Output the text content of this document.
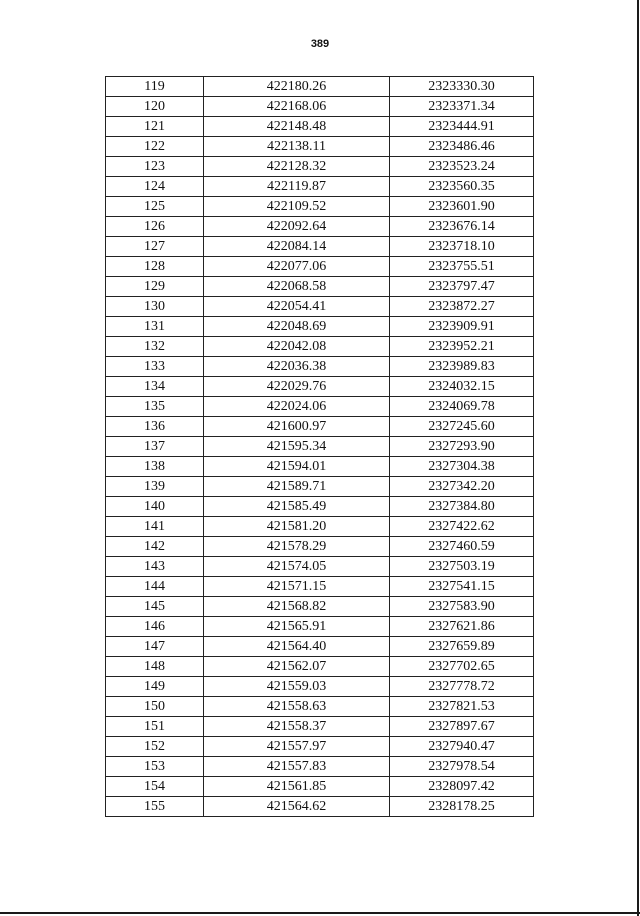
389
119	422180.26	2323330.30
120	422168.06	2323371.34
121	422148.48	2323444.91
122	422138.11	2323486.46
123	422128.32	2323523.24
124	422119.87	2323560.35
125	422109.52	2323601.90
126	422092.64	2323676.14
127	422084.14	2323718.10
128	422077.06	2323755.51
129	422068.58	2323797.47
130	422054.41	2323872.27
131	422048.69	2323909.91
132	422042.08	2323952.21
133	422036.38	2323989.83
134	422029.76	2324032.15
135	422024.06	2324069.78
136	421600.97	2327245.60
137	421595.34	2327293.90
138	421594.01	2327304.38
139	421589.71	2327342.20
140	421585.49	2327384.80
141	421581.20	2327422.62
142	421578.29	2327460.59
143	421574.05	2327503.19
144	421571.15	2327541.15
145	421568.82	2327583.90
146	421565.91	2327621.86
147	421564.40	2327659.89
148	421562.07	2327702.65
149	421559.03	2327778.72
150	421558.63	2327821.53
151	421558.37	2327897.67
152	421557.97	2327940.47
153	421557.83	2327978.54
154	421561.85	2328097.42
155	421564.62	2328178.25
